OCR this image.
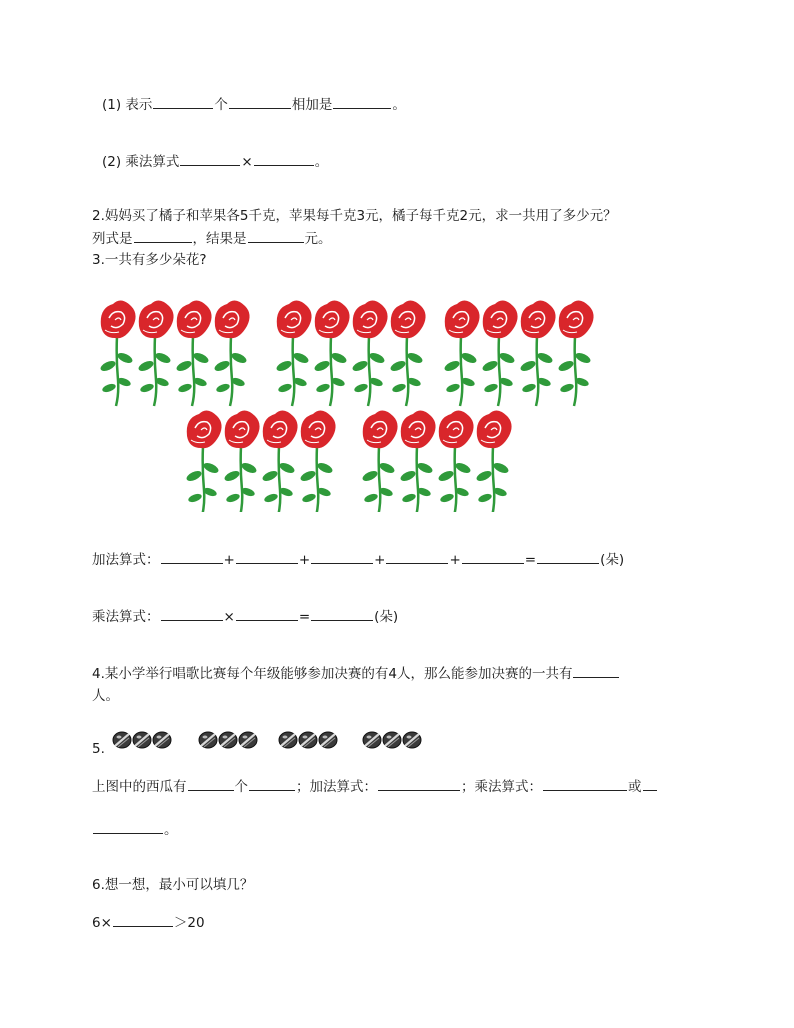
(1) 表示	个	相加是	。
(2) 乘法算式	×	。
2.妈妈买了橘子和苹果各5千克，苹果每千克3元，橘子每千克2元，求一共用了多少元？
列式是	，结果是	元。
3.一共有多少朵花?
加法算式：	+	+	+	+	=	(朵)
乘法算式：	×	=	(朵)
4.某小学举行唱歌比赛每个年级能够参加决赛的有4人，那么能参加决赛的一共有
人。
5.
上图中的西瓜有	个	；加法算式：	；乘法算式：	或
。
6.想一想，最小可以填几？
6×	＞20
